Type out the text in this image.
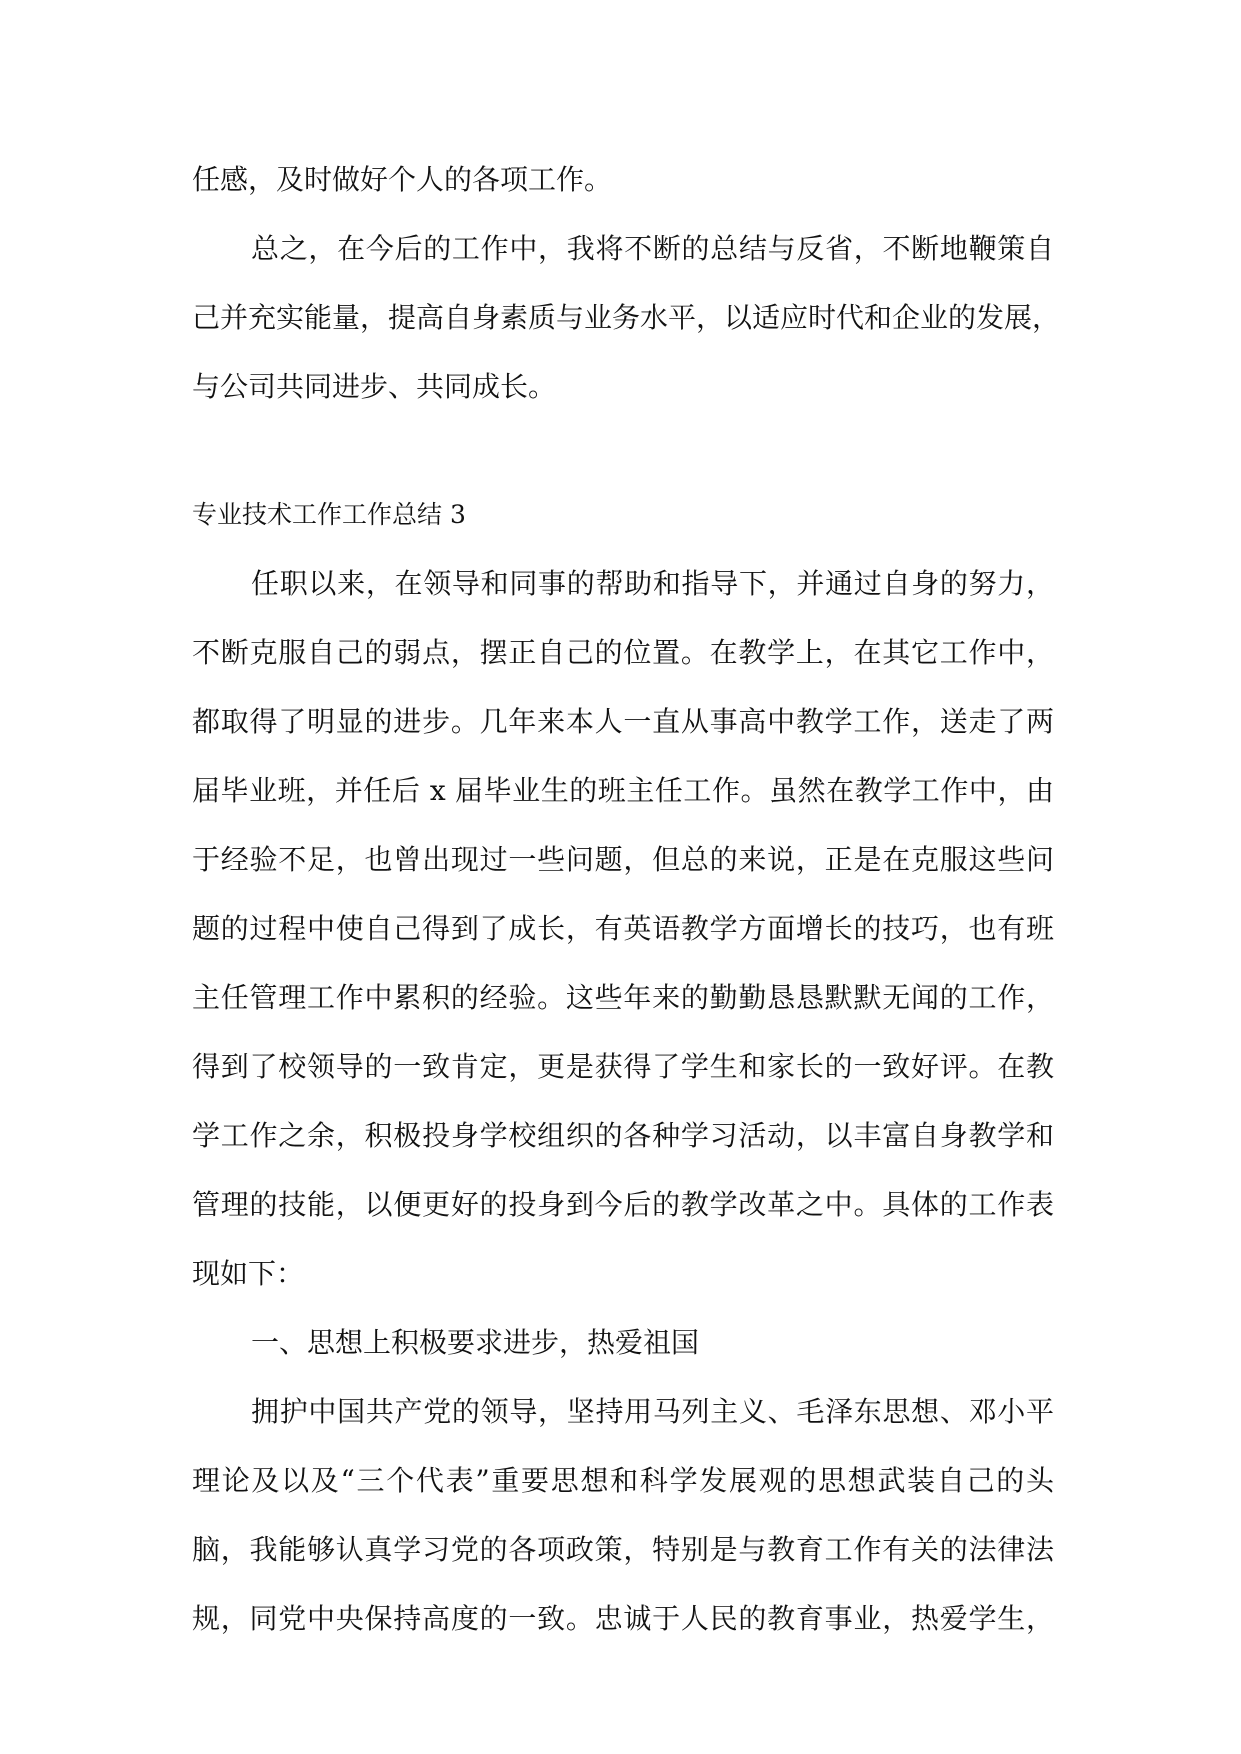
任感，及时做好个人的各项工作。

总之，在今后的工作中，我将不断的总结与反省，不断地鞭策自

己并充实能量，提高自身素质与业务水平，以适应时代和企业的发展，

与公司共同进步、共同成长。

专业技术工作工作总结 3

任职以来，在领导和同事的帮助和指导下，并通过自身的努力，

不断克服自己的弱点，摆正自己的位置。在教学上，在其它工作中，

都取得了明显的进步。几年来本人一直从事高中教学工作，送走了两

届毕业班，并任后 x 届毕业生的班主任工作。虽然在教学工作中，由

于经验不足，也曾出现过一些问题，但总的来说，正是在克服这些问

题的过程中使自己得到了成长，有英语教学方面增长的技巧，也有班

主任管理工作中累积的经验。这些年来的勤勤恳恳默默无闻的工作，

得到了校领导的一致肯定，更是获得了学生和家长的一致好评。在教

学工作之余，积极投身学校组织的各种学习活动，以丰富自身教学和

管理的技能，以便更好的投身到今后的教学改革之中。具体的工作表

现如下：

一、思想上积极要求进步，热爱祖国

拥护中国共产党的领导，坚持用马列主义、毛泽东思想、邓小平

理论及以及“三个代表”重要思想和科学发展观的思想武装自己的头

脑，我能够认真学习党的各项政策，特别是与教育工作有关的法律法

规，同党中央保持高度的一致。忠诚于人民的教育事业，热爱学生，
